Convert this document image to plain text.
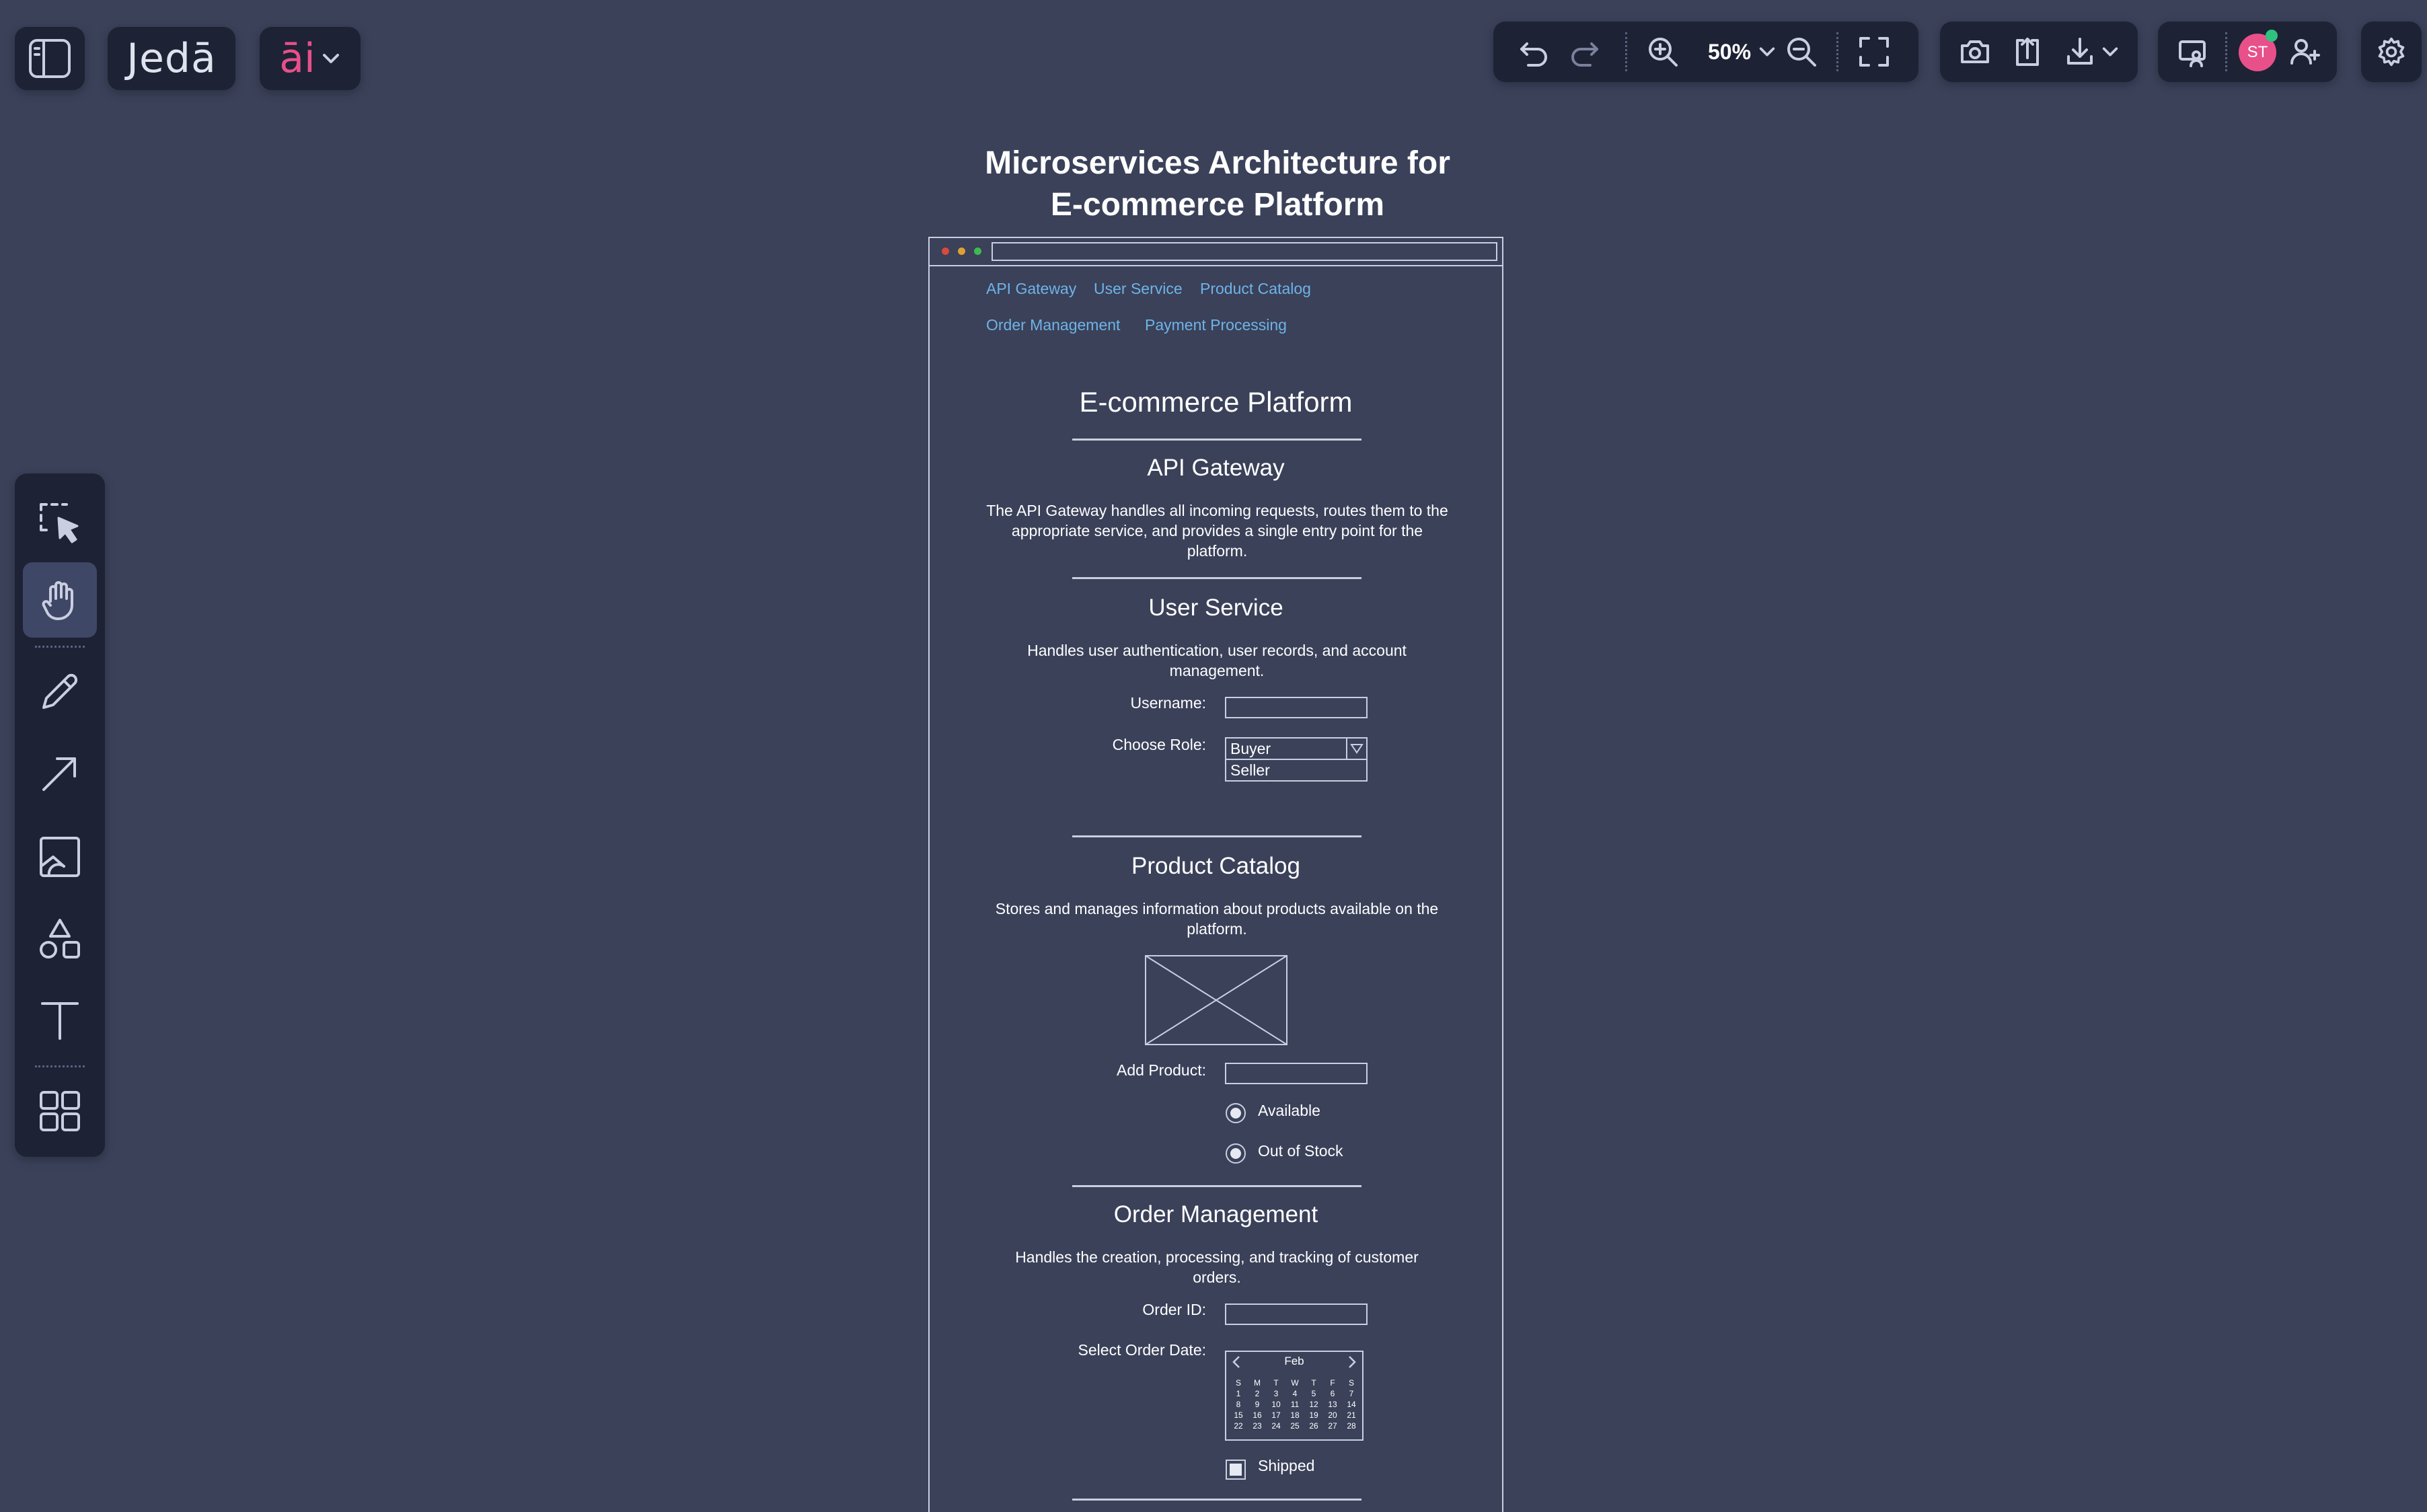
Jedā āi	50%	ST
Microservices Architecture for
E-commerce Platform
API Gateway User Service Product Catalog
Order Management Payment Processing
E-commerce Platform
API Gateway
The API Gateway handles all incoming requests, routes them to the appropriate service, and provides a single entry point for the platform.
User Service
Handles user authentication, user records, and account management.
Username:
Choose Role:	Buyer
Seller
Product Catalog
Stores and manages information about products available on the platform.
Add Product:
Available
Out of Stock
Order Management
Handles the creation, processing, and tracking of customer orders.
Order ID:
Select Order Date:
Feb
S	M	T	W	T	F	S
1	2	3	4	5	6	7
8	9	10	11	12	13	14
15	16	17	18	19	20	21
22	23	24	25	26	27	28
Shipped
